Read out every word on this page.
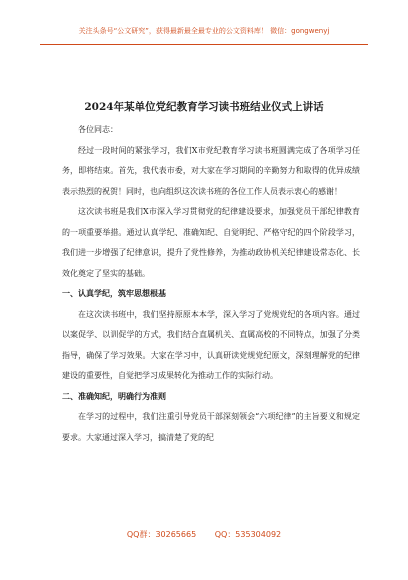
关注头条号“公文研究”，获得最新最全最专业的公文资料库！ 微信：gongwenyj
2024年某单位党纪教育学习读书班结业仪式上讲话

各位同志：

经过一段时间的紧张学习，我们X市党纪教育学习读书班圆满完成了各项学习任务，即将结束。首先，我代表市委，对大家在学习期间的辛勤努力和取得的优异成绩表示热烈的祝贺！同时，也向组织这次读书班的各位工作人员表示衷心的感谢！

这次读书班是我们X市深入学习贯彻党的纪律建设要求，加强党员干部纪律教育的一项重要举措。通过认真学纪、准确知纪、自觉明纪、严格守纪的四个阶段学习，我们进一步增强了纪律意识，提升了党性修养，为推动政协机关纪律建设常态化、长效化奠定了坚实的基础。

一、认真学纪，筑牢思想根基

在这次读书班中，我们坚持原原本本学，深入学习了党规党纪的各项内容。通过以案促学、以训促学的方式，我们结合直属机关、直属高校的不同特点，加强了分类指导，确保了学习效果。大家在学习中，认真研读党规党纪原文，深刻理解党的纪律建设的重要性，自觉把学习成果转化为推动工作的实际行动。

二、准确知纪，明确行为准则

在学习的过程中，我们注重引导党员干部深刻领会“六项纪律”的主旨要义和规定要求。大家通过深入学习，搞清楚了党的纪

QQ群：30265665 QQ：535304092
